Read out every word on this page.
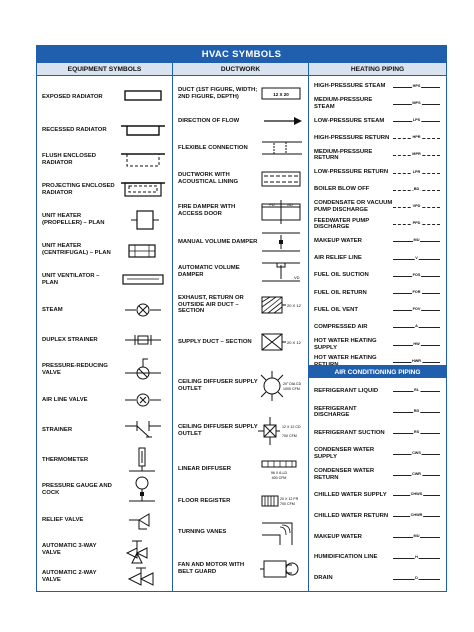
HVAC SYMBOLS
EQUIPMENT SYMBOLS
EXPOSED RADIATOR
RECESSED RADIATOR
FLUSH ENCLOSED RADIATOR
PROJECTING ENCLOSED RADIATOR
UNIT HEATER (PROPELLER) – PLAN
UNIT HEATER (CENTRIFUGAL) – PLAN
UNIT VENTILATOR – PLAN
STEAM
DUPLEX STRAINER
PRESSURE-REDUCING VALVE
AIR LINE VALVE
STRAINER
THERMOMETER
PRESSURE GAUGE AND COCK
RELIEF VALVE
AUTOMATIC 3-WAY VALVE
AUTOMATIC 2-WAY VALVE
DUCTWORK
DUCT (1ST FIGURE, WIDTH; 2ND FIGURE, DEPTH)	12 X 20
DIRECTION OF FLOW
FLEXIBLE CONNECTION
DUCTWORK WITH ACOUSTICAL LINING
FIRE DAMPER WITH ACCESS DOOR
FD	AD
MANUAL VOLUME DAMPER
AUTOMATIC VOLUME DAMPER	VD
EXHAUST, RETURN OR OUTSIDE AIR DUCT – SECTION
20 X 12
SUPPLY DUCT – SECTION	20 X 12
CEILING DIFFUSER SUPPLY OUTLET
20" DIA CD
1000 CFM
CEILING DIFFUSER SUPPLY OUTLET
12 X 12 CD
700 CFM
LINEAR DIFFUSER
96 X 6-LD
400 CFM
FLOOR REGISTER	20 X 12 FR
700 CFM
TURNING VANES
FAN AND MOTOR WITH BELT GUARD
HEATING PIPING
HIGH-PRESSURE STEAM	HPS
MEDIUM-PRESSURE STEAM
MPS
LOW-PRESSURE STEAM	LPS
HIGH-PRESSURE RETURN	HPR
MEDIUM-PRESSURE RETURN
MPR
LOW-PRESSURE RETURN	LPR
BOILER BLOW OFF	BD
CONDENSATE OR VACUUM PUMP DISCHARGE
VPD
FEEDWATER PUMP DISCHARGE
PPD
MAKEUP WATER	MU
AIR RELIEF LINE	V
FUEL OIL SUCTION	FOS
FUEL OIL RETURN	FOR
FUEL OIL VENT	FOV
COMPRESSED AIR	A
HOT WATER HEATING SUPPLY
HW
HOT WATER HEATING	HWR
AIR CONDITIONING PIPING
REFRIGERANT LIQUID	RL
REFRIGERANT DISCHARGE
RD
REFRIGERANT SUCTION	RS
CONDENSER WATER SUPPLY
CWS
CONDENSER WATER RETURN
CWR
CHILLED WATER SUPPLY	CHWS
CHILLED WATER RETURN	CHWR
MAKEUP WATER	MU
HUMIDIFICATION LINE	H
DRAIN	D
